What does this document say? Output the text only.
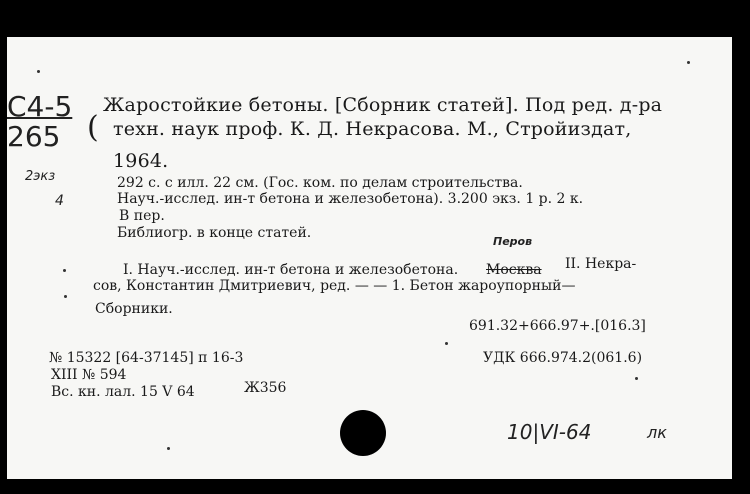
С4-5
265 (
2экз
4
Жаростойкие бетоны. [Сборник статей]. Под ред. д-ра
техн. наук проф. К. Д. Некрасова. М., Стройиздат,
1964.
292 с. с илл. 22 см. (Гос. ком. по делам строительства.
Науч.-исслед. ин-т бетона и железобетона). 3.200 экз. 1 р. 2 к.
В пер.
Библиогр. в конце статей.
Перов
I. Науч.-исслед. ин-т бетона и железобетона. Москва II. Некра-
сов, Константин Дмитриевич, ред. — — 1. Бетон жароупорный—
Сборники.
691.32+666.97+.[016.3]
№ 15322 [64-37145] п 16-3
XIII № 594
Вс. кн. лал. 15 V 64	Ж356
УДК 666.974.2(061.6)
10|VI-64	лк
